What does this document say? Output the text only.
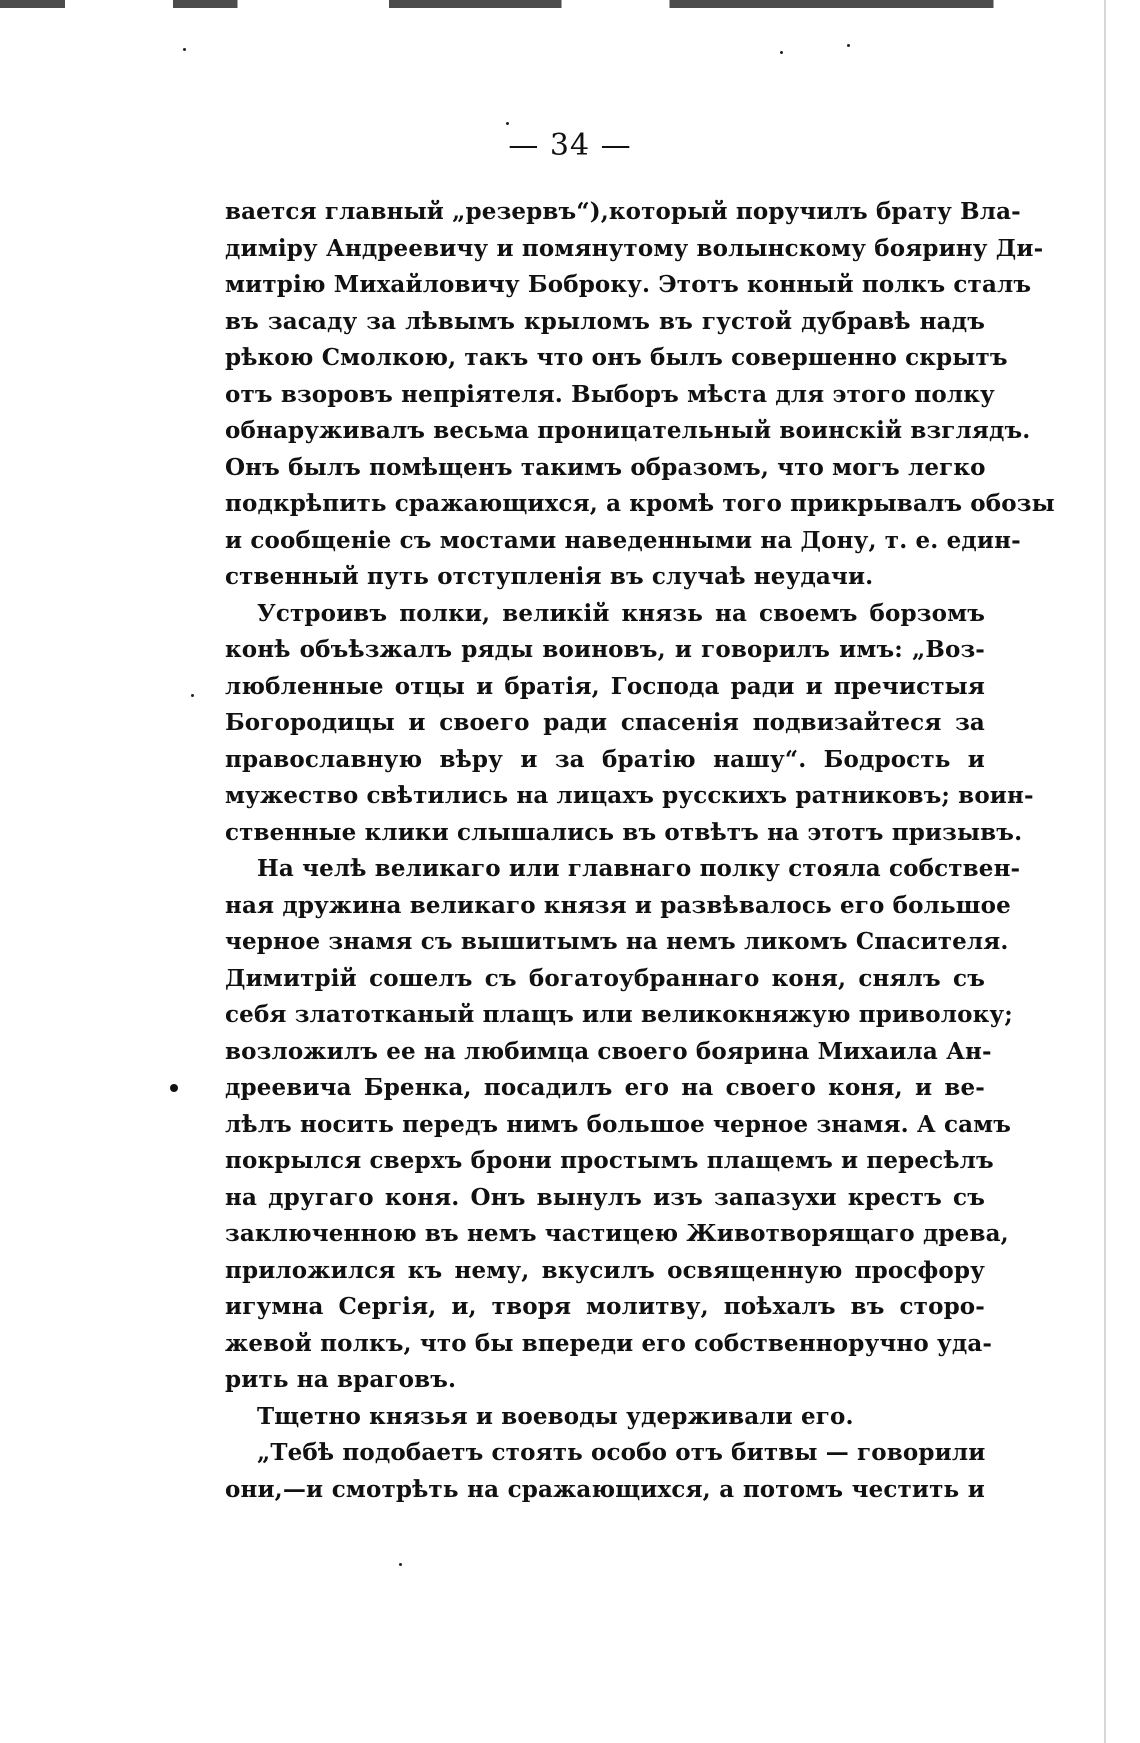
— 34 —
вается главный „резервъ“),который поручилъ брату Вла-
диміру Андреевичу и помянутому волынскому боярину Ди-
митрію Михайловичу Боброку. Этотъ конный полкъ сталъ
въ засаду за лѣвымъ крыломъ въ густой дубравѣ надъ
рѣкою Смолкою, такъ что онъ былъ совершенно скрытъ
отъ взоровъ непріятеля. Выборъ мѣста для этого полку
обнаруживалъ весьма проницательный воинскій взглядъ.
Онъ былъ помѣщенъ такимъ образомъ, что могъ легко
подкрѣпить сражающихся, а кромѣ того прикрывалъ обозы
и сообщеніе съ мостами наведенными на Дону, т. е. един-
ственный путь отступленія въ случаѣ неудачи.
Устроивъ полки, великій князь на своемъ борзомъ
конѣ объѣзжалъ ряды воиновъ, и говорилъ имъ: „Воз-
любленные отцы и братія, Господа ради и пречистыя
Богородицы и своего ради спасенія подвизайтеся за
православную вѣру и за братію нашу“. Бодрость и
мужество свѣтились на лицахъ русскихъ ратниковъ; воин-
ственные клики слышались въ отвѣтъ на этотъ призывъ.
На челѣ великаго или главнаго полку стояла собствен-
ная дружина великаго князя и развѣвалось его большое
черное знамя съ вышитымъ на немъ ликомъ Спасителя.
Димитрій сошелъ съ богатоубраннаго коня, снялъ съ
себя златотканый плащъ или великокняжую приволоку;
возложилъ ее на любимца своего боярина Михаила Ан-
дреевича Бренка, посадилъ его на своего коня, и ве-
лѣлъ носить передъ нимъ большое черное знамя. А самъ
покрылся сверхъ брони простымъ плащемъ и пересѣлъ
на другаго коня. Онъ вынулъ изъ запазухи крестъ съ
заключенною въ немъ частицею Животворящаго древа,
приложился къ нему, вкусилъ освященную просфору
игумна Сергія, и, творя молитву, поѣхалъ въ сторо-
жевой полкъ, что бы впереди его собственноручно уда-
рить на враговъ.
Тщетно князья и воеводы удерживали его.
„Тебѣ подобаетъ стоять особо отъ битвы — говорили
они,—и смотрѣть на сражающихся, а потомъ честить и
